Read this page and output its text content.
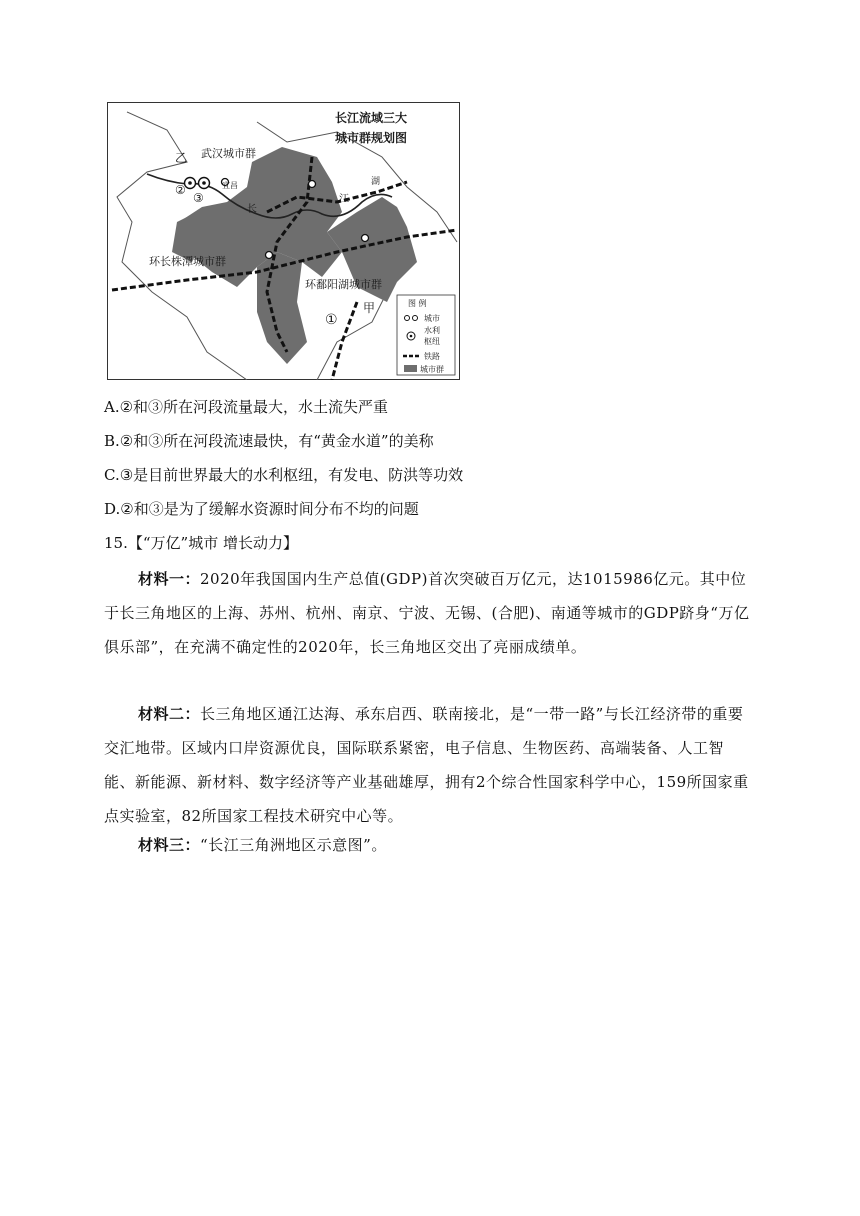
长江流域三大
城市群规划图
武汉城市群
乙
宜昌
②
③
长
江
湖
环长株潭城市群
环鄱阳湖城市群
甲
①
图 例
城市
水利
枢纽
铁路
城市群
A.②和③所在河段流量最大，水土流失严重
B.②和③所在河段流速最快，有“黄金水道”的美称
C.③是目前世界最大的水利枢纽，有发电、防洪等功效
D.②和③是为了缓解水资源时间分布不均的问题
15.【“万亿”城市 增长动力】

材料一：2020年我国国内生产总值(GDP)首次突破百万亿元，达1015986亿元。其中位于长三角地区的上海、苏州、杭州、南京、宁波、无锡、(合肥)、南通等城市的GDP跻身“万亿俱乐部”，在充满不确定性的2020年，长三角地区交出了亮丽成绩单。

材料二：长三角地区通江达海、承东启西、联南接北，是“一带一路”与长江经济带的重要交汇地带。区域内口岸资源优良，国际联系紧密，电子信息、生物医药、高端装备、人工智能、新能源、新材料、数字经济等产业基础雄厚，拥有2个综合性国家科学中心，159所国家重点实验室，82所国家工程技术研究中心等。

材料三：“长江三角洲地区示意图”。
